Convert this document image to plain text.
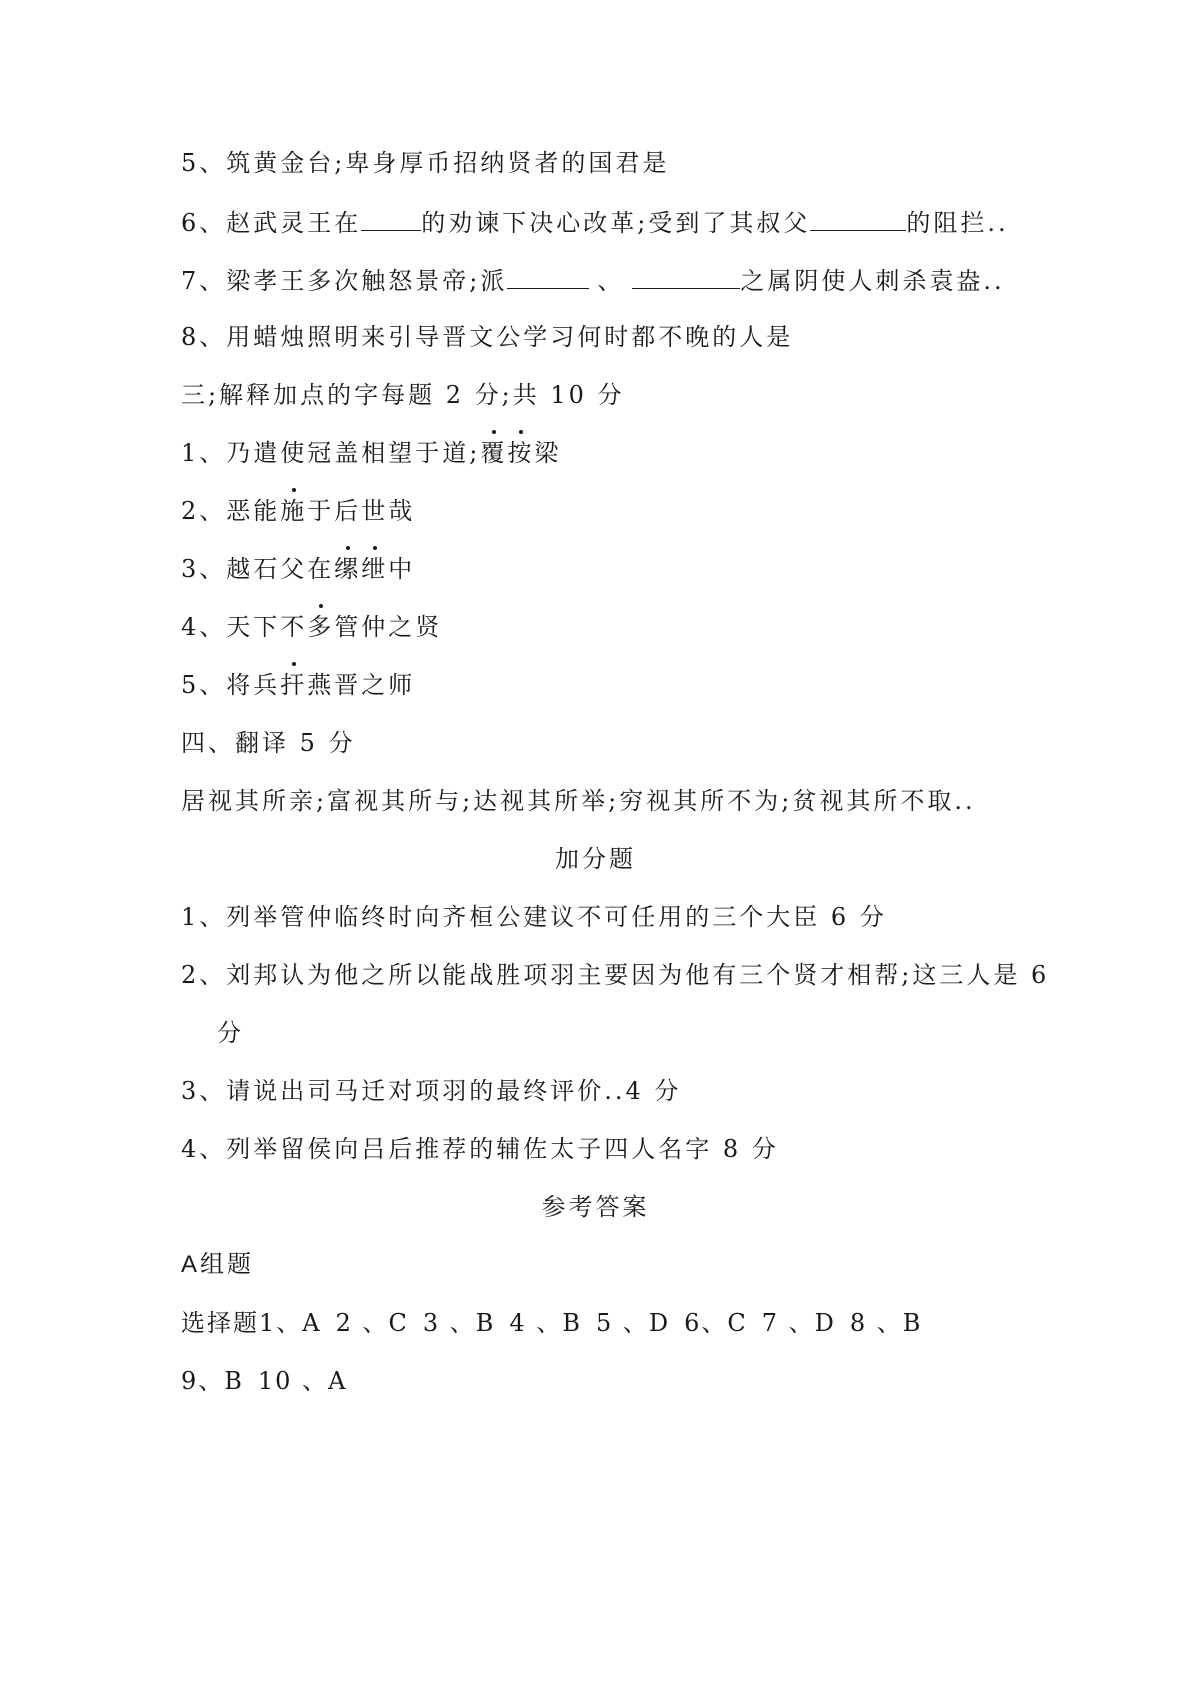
5、筑黄金台;卑身厚币招纳贤者的国君是
6、赵武灵王在	的劝谏下决心改革;受到了其叔父	的阻拦..
7、梁孝王多次触怒景帝;派	、	之属阴使人刺杀袁盎..
8、用蜡烛照明来引导晋文公学习何时都不晚的人是
三;解释加点的字每题 2 分;共 10 分
1、乃遣使冠盖相望于道;覆按梁
2、恶能施于后世哉
3、越石父在缧绁中
4、天下不多管仲之贤
5、将兵扞燕晋之师
四、翻译 5 分
居视其所亲;富视其所与;达视其所举;穷视其所不为;贫视其所不取..
加分题
1、列举管仲临终时向齐桓公建议不可任用的三个大臣 6 分
2、刘邦认为他之所以能战胜项羽主要因为他有三个贤才相帮;这三人是 6
分
3、请说出司马迁对项羽的最终评价..4 分
4、列举留侯向吕后推荐的辅佐太子四人名字 8 分
参考答案
A组题
选择题1、A 2 、C 3 、B 4 、B 5 、D 6、C 7 、D 8 、B
9、B 10 、A
